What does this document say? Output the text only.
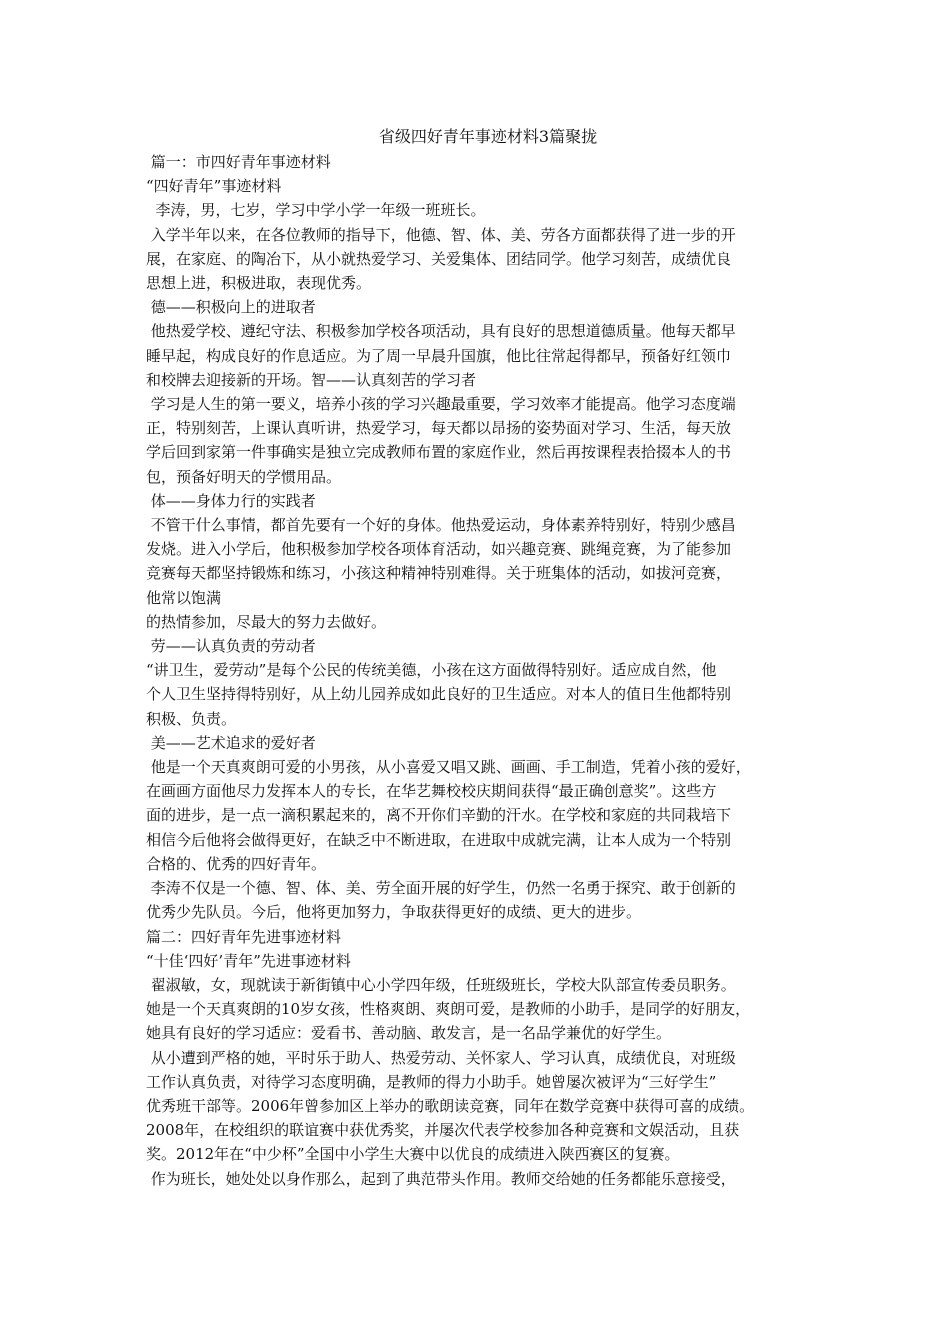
省级四好青年事迹材料3篇聚拢

篇一：市四好青年事迹材料

“四好青年”事迹材料

李涛，男，七岁，学习中学小学一年级一班班长。

入学半年以来，在各位教师的指导下，他德、智、体、美、劳各方面都获得了进一步的开

展，在家庭、的陶冶下，从小就热爱学习、关爱集体、团结同学。他学习刻苦，成绩优良

思想上进，积极进取，表现优秀。

德——积极向上的进取者

他热爱学校、遵纪守法、积极参加学校各项活动，具有良好的思想道德质量。他每天都早

睡早起，构成良好的作息适应。为了周一早晨升国旗，他比往常起得都早，预备好红领巾

和校牌去迎接新的开场。智——认真刻苦的学习者

学习是人生的第一要义，培养小孩的学习兴趣最重要，学习效率才能提高。他学习态度端

正，特别刻苦，上课认真听讲，热爱学习，每天都以昂扬的姿势面对学习、生活，每天放

学后回到家第一件事确实是独立完成教师布置的家庭作业，然后再按课程表拾掇本人的书

包，预备好明天的学惯用品。

体——身体力行的实践者

不管干什么事情，都首先要有一个好的身体。他热爱运动，身体素养特别好，特别少感昌

发烧。进入小学后，他积极参加学校各项体育活动，如兴趣竞赛、跳绳竞赛，为了能参加

竞赛每天都坚持锻炼和练习，小孩这种精神特别难得。关于班集体的活动，如拔河竞赛，

他常以饱满

的热情参加，尽最大的努力去做好。

劳——认真负责的劳动者

“讲卫生，爱劳动”是每个公民的传统美德，小孩在这方面做得特别好。适应成自然，他

个人卫生坚持得特别好，从上幼儿园养成如此良好的卫生适应。对本人的值日生他都特别

积极、负责。

美——艺术追求的爱好者

他是一个天真爽朗可爱的小男孩，从小喜爱又唱又跳、画画、手工制造，凭着小孩的爱好，

在画画方面他尽力发挥本人的专长，在华艺舞校校庆期间获得“最正确创意奖”。这些方

面的进步，是一点一滴积累起来的，离不开你们辛勤的汗水。在学校和家庭的共同栽培下

相信今后他将会做得更好，在缺乏中不断进取，在进取中成就完满，让本人成为一个特别

合格的、优秀的四好青年。

李涛不仅是一个德、智、体、美、劳全面开展的好学生，仍然一名勇于探究、敢于创新的

优秀少先队员。今后，他将更加努力，争取获得更好的成绩、更大的进步。

篇二：四好青年先进事迹材料

“十佳‘四好’青年”先进事迹材料

翟淑敏，女，现就读于新街镇中心小学四年级，任班级班长，学校大队部宣传委员职务。

她是一个天真爽朗的10岁女孩，性格爽朗、爽朗可爱，是教师的小助手，是同学的好朋友，

她具有良好的学习适应：爱看书、善动脑、敢发言，是一名品学兼优的好学生。

从小遭到严格的她，平时乐于助人、热爱劳动、关怀家人、学习认真，成绩优良，对班级

工作认真负责，对待学习态度明确，是教师的得力小助手。她曾屡次被评为“三好学生”

优秀班干部等。2006年曾参加区上举办的歌朗读竞赛，同年在数学竞赛中获得可喜的成绩。

2008年，在校组织的联谊赛中获优秀奖，并屡次代表学校参加各种竞赛和文娱活动，且获

奖。2012年在“中少杯”全国中小学生大赛中以优良的成绩进入陕西赛区的复赛。

作为班长，她处处以身作那么，起到了典范带头作用。教师交给她的任务都能乐意接受，
